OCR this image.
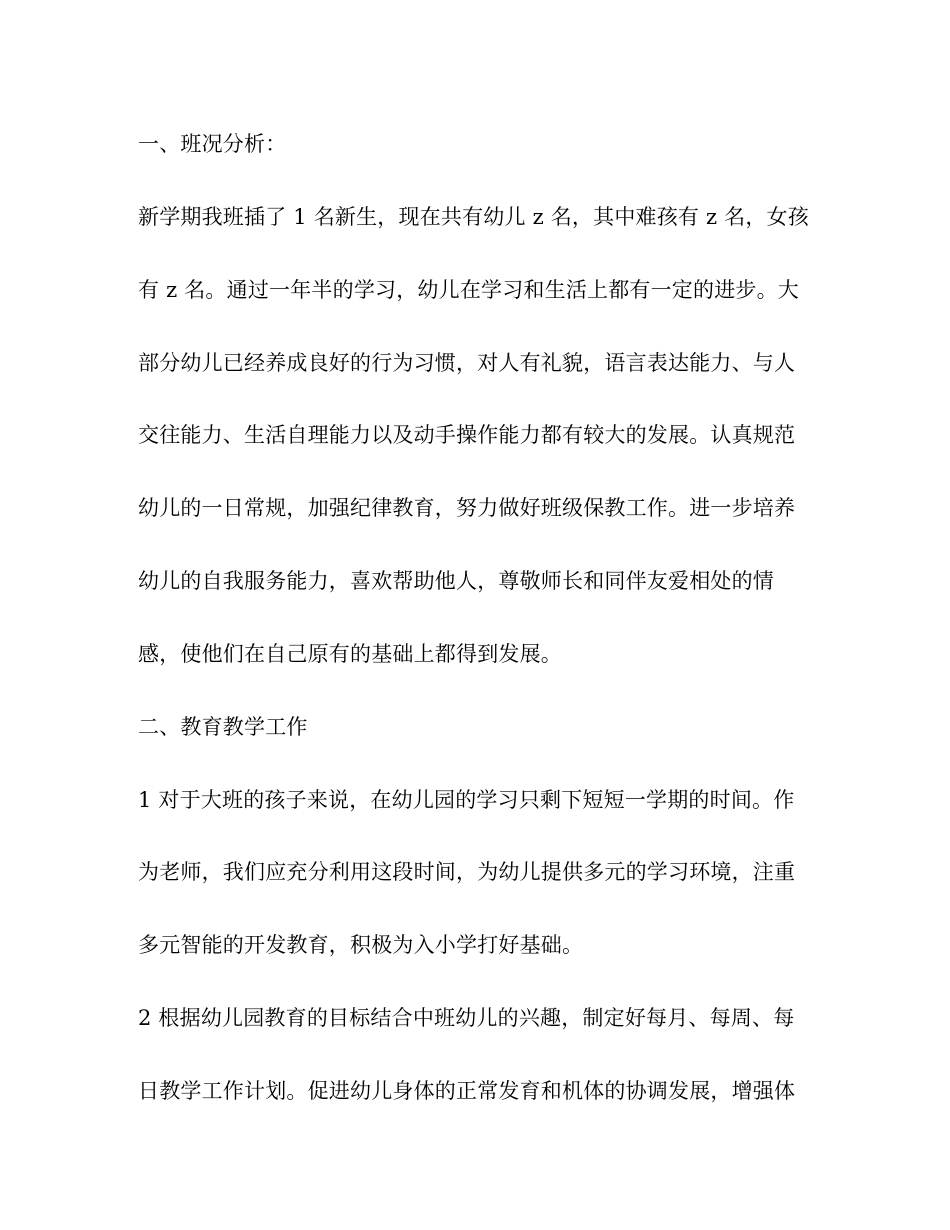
一、班况分析：
新学期我班插了 1 名新生，现在共有幼儿 z 名，其中难孩有 z 名，女孩
有 z 名。通过一年半的学习，幼儿在学习和生活上都有一定的进步。大
部分幼儿已经养成良好的行为习惯，对人有礼貌，语言表达能力、与人
交往能力、生活自理能力以及动手操作能力都有较大的发展。认真规范
幼儿的一日常规，加强纪律教育，努力做好班级保教工作。进一步培养
幼儿的自我服务能力，喜欢帮助他人，尊敬师长和同伴友爱相处的情
感，使他们在自己原有的基础上都得到发展。
二、教育教学工作
1 对于大班的孩子来说，在幼儿园的学习只剩下短短一学期的时间。作
为老师，我们应充分利用这段时间，为幼儿提供多元的学习环境，注重
多元智能的开发教育，积极为入小学打好基础。
2 根据幼儿园教育的目标结合中班幼儿的兴趣，制定好每月、每周、每
日教学工作计划。促进幼儿身体的正常发育和机体的协调发展，增强体
